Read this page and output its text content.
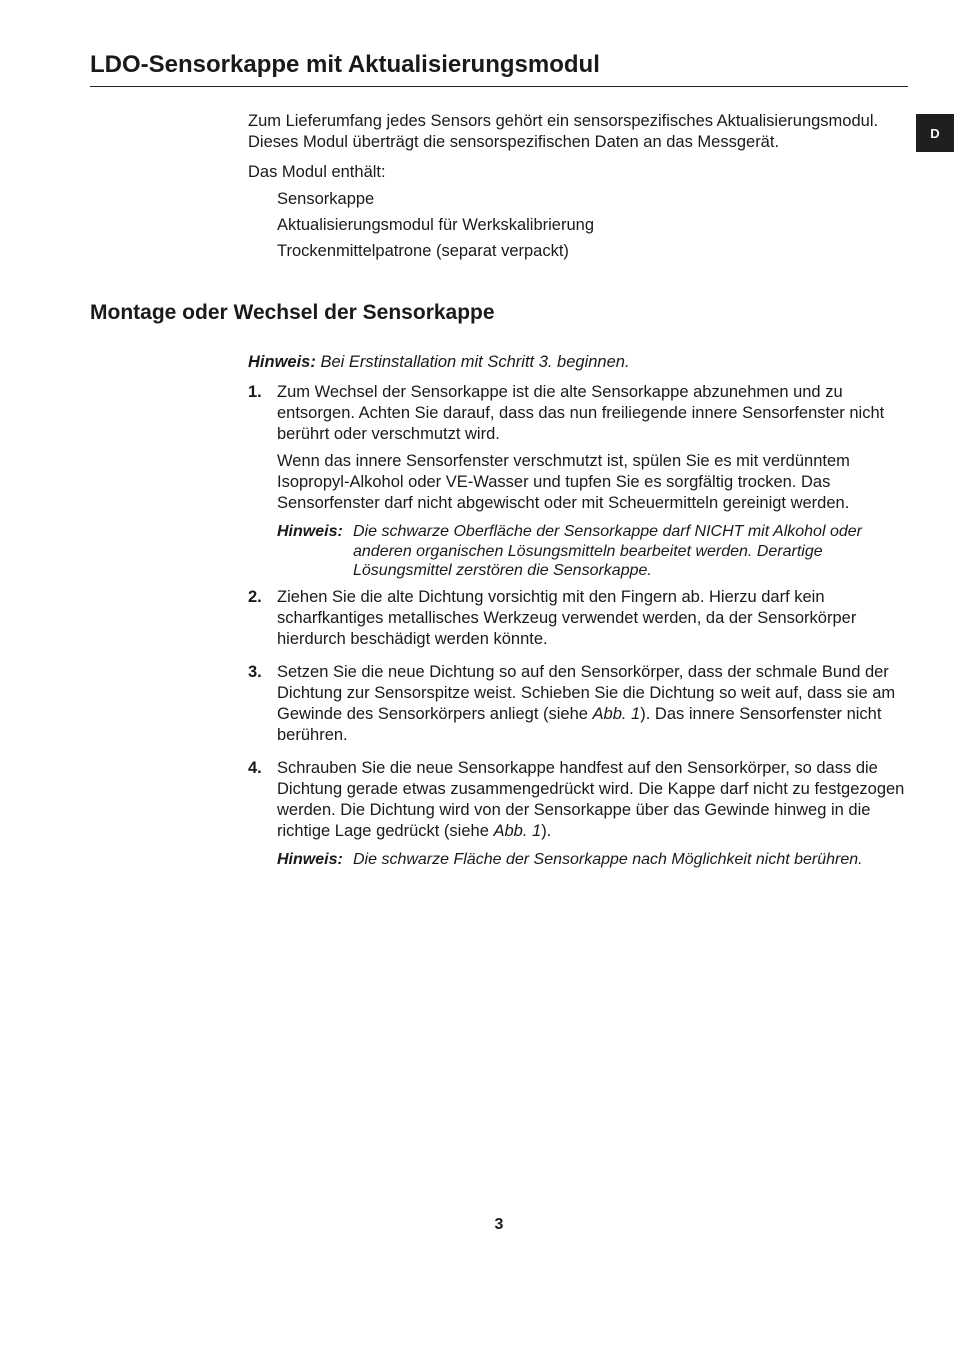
LDO-Sensorkappe mit Aktualisierungsmodul
D

Zum Lieferumfang jedes Sensors gehört ein sensorspezifisches Aktualisierungsmodul. Dieses Modul überträgt die sensorspezifischen Daten an das Messgerät.

Das Modul enthält:

Sensorkappe
Aktualisierungsmodul für Werkskalibrierung
Trockenmittelpatrone (separat verpackt)
Montage oder Wechsel der Sensorkappe

Hinweis: Bei Erstinstallation mit Schritt 3. beginnen.

1. Zum Wechsel der Sensorkappe ist die alte Sensorkappe abzunehmen und zu entsorgen. Achten Sie darauf, dass das nun freiliegende innere Sensorfenster nicht berührt oder verschmutzt wird.

Wenn das innere Sensorfenster verschmutzt ist, spülen Sie es mit verdünntem Isopropyl-Alkohol oder VE-Wasser und tupfen Sie es sorgfältig trocken. Das Sensorfenster darf nicht abgewischt oder mit Scheuermitteln gereinigt werden.

Hinweis: Die schwarze Oberfläche der Sensorkappe darf NICHT mit Alkohol oder anderen organischen Lösungsmitteln bearbeitet werden. Derartige Lösungsmittel zerstören die Sensorkappe.
2. Ziehen Sie die alte Dichtung vorsichtig mit den Fingern ab. Hierzu darf kein scharfkantiges metallisches Werkzeug verwendet werden, da der Sensorkörper hierdurch beschädigt werden könnte.

3. Setzen Sie die neue Dichtung so auf den Sensorkörper, dass der schmale Bund der Dichtung zur Sensorspitze weist. Schieben Sie die Dichtung so weit auf, dass sie am Gewinde des Sensorkörpers anliegt (siehe Abb. 1). Das innere Sensorfenster nicht berühren.

4. Schrauben Sie die neue Sensorkappe handfest auf den Sensorkörper, so dass die Dichtung gerade etwas zusammengedrückt wird. Die Kappe darf nicht zu festgezogen werden. Die Dichtung wird von der Sensorkappe über das Gewinde hinweg in die richtige Lage gedrückt (siehe Abb. 1).

Hinweis: Die schwarze Fläche der Sensorkappe nach Möglichkeit nicht berühren.
3
